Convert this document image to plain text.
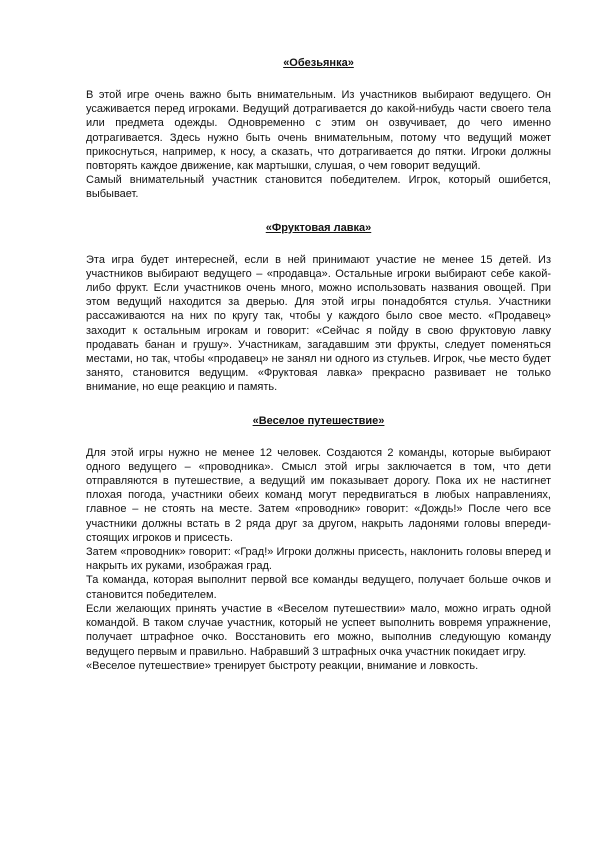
«Обезьянка»

В этой игре очень важно быть внимательным. Из участников выбирают ведущего. Он усаживается перед игроками. Ведущий дотрагивается до какой-нибудь части своего тела или предмета одежды. Одновременно с этим он озвучивает, до чего именно дотрагивается. Здесь нужно быть очень внимательным, потому что ведущий может прикоснуться, например, к носу, а сказать, что дотрагивается до пятки. Игроки должны повторять каждое движение, как мартышки, слушая, о чем говорит ведущий.

Самый внимательный участник становится победителем. Игрок, который ошибется, выбывает.

«Фруктовая лавка»

Эта игра будет интересней, если в ней принимают участие не менее 15 детей. Из участников выбирают ведущего – «продавца». Остальные игроки выбирают себе какой-либо фрукт. Если участников очень много, можно использовать названия овощей. При этом ведущий находится за дверью. Для этой игры понадобятся стулья. Участники рассаживаются на них по кругу так, чтобы у каждого было свое место. «Продавец» заходит к остальным игрокам и говорит: «Сейчас я пойду в свою фруктовую лавку продавать банан и грушу». Участникам, загадавшим эти фрукты, следует поменяться местами, но так, чтобы «продавец» не занял ни одного из стульев. Игрок, чье место будет занято, становится ведущим. «Фруктовая лавка» прекрасно развивает не только внимание, но еще реакцию и память.

«Веселое путешествие»

Для этой игры нужно не менее 12 человек. Создаются 2 команды, которые выбирают одного ведущего – «проводника». Смысл этой игры заключается в том, что дети отправляются в путешествие, а ведущий им показывает дорогу. Пока их не настигнет плохая погода, участники обеих команд могут передвигаться в любых направлениях, главное – не стоять на месте. Затем «проводник» говорит: «Дождь!» После чего все участники должны встать в 2 ряда друг за другом, накрыть ладонями головы впереди-стоящих игроков и присесть.

Затем «проводник» говорит: «Град!» Игроки должны присесть, наклонить головы вперед и накрыть их руками, изображая град.

Та команда, которая выполнит первой все команды ведущего, получает больше очков и становится победителем.

Если желающих принять участие в «Веселом путешествии» мало, можно играть одной командой. В таком случае участник, который не успеет выполнить вовремя упражнение, получает штрафное очко. Восстановить его можно, выполнив следующую команду ведущего первым и правильно. Набравший 3 штрафных очка участник покидает игру.

«Веселое путешествие» тренирует быстроту реакции, внимание и ловкость.
